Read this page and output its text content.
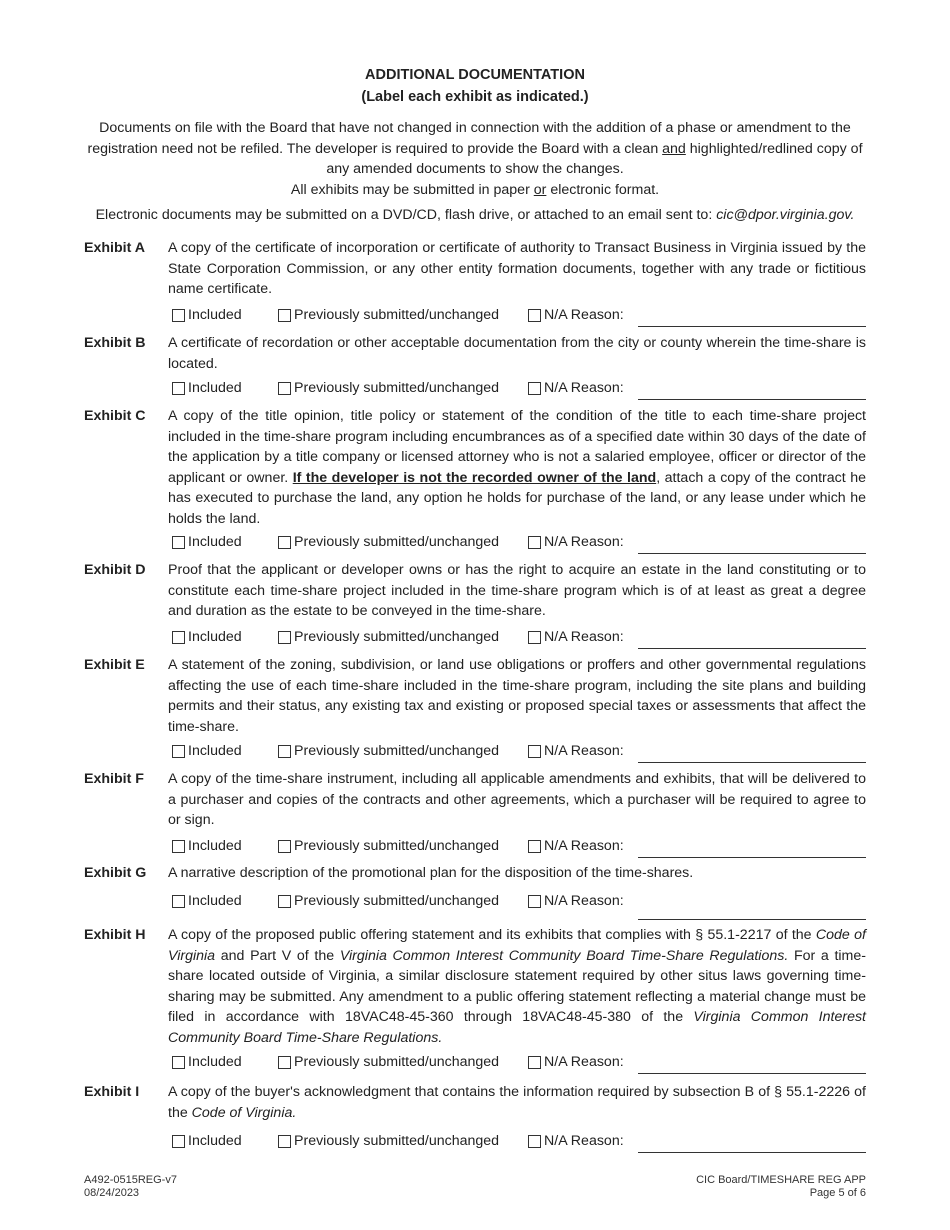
ADDITIONAL DOCUMENTATION
(Label each exhibit as indicated.)
Documents on file with the Board that have not changed in connection with the addition of a phase or amendment to the registration need not be refiled. The developer is required to provide the Board with a clean and highlighted/redlined copy of any amended documents to show the changes.
All exhibits may be submitted in paper or electronic format.
Electronic documents may be submitted on a DVD/CD, flash drive, or attached to an email sent to: cic@dpor.virginia.gov.
Exhibit A	A copy of the certificate of incorporation or certificate of authority to Transact Business in Virginia issued by the State Corporation Commission, or any other entity formation documents, together with any trade or fictitious name certificate.
Included	Previously submitted/unchanged	N/A Reason:
Exhibit B	A certificate of recordation or other acceptable documentation from the city or county wherein the time-share is located.
Included	Previously submitted/unchanged	N/A Reason:
Exhibit C	A copy of the title opinion, title policy or statement of the condition of the title to each time-share project included in the time-share program including encumbrances as of a specified date within 30 days of the date of the application by a title company or licensed attorney who is not a salaried employee, officer or director of the applicant or owner. If the developer is not the recorded owner of the land, attach a copy of the contract he has executed to purchase the land, any option he holds for purchase of the land, or any lease under which he holds the land.
Included	Previously submitted/unchanged	N/A Reason:
Exhibit D	Proof that the applicant or developer owns or has the right to acquire an estate in the land constituting or to constitute each time-share project included in the time-share program which is of at least as great a degree and duration as the estate to be conveyed in the time-share.
Included	Previously submitted/unchanged	N/A Reason:
Exhibit E	A statement of the zoning, subdivision, or land use obligations or proffers and other governmental regulations affecting the use of each time-share included in the time-share program, including the site plans and building permits and their status, any existing tax and existing or proposed special taxes or assessments that affect the time-share.
Included	Previously submitted/unchanged	N/A Reason:
Exhibit F	A copy of the time-share instrument, including all applicable amendments and exhibits, that will be delivered to a purchaser and copies of the contracts and other agreements, which a purchaser will be required to agree to or sign.
Included	Previously submitted/unchanged	N/A Reason:
Exhibit G	A narrative description of the promotional plan for the disposition of the time-shares.
Included	Previously submitted/unchanged	N/A Reason:
Exhibit H	A copy of the proposed public offering statement and its exhibits that complies with § 55.1-2217 of the Code of Virginia and Part V of the Virginia Common Interest Community Board Time-Share Regulations. For a time-share located outside of Virginia, a similar disclosure statement required by other situs laws governing time-sharing may be submitted. Any amendment to a public offering statement reflecting a material change must be filed in accordance with 18VAC48-45-360 through 18VAC48-45-380 of the Virginia Common Interest Community Board Time-Share Regulations.
Included	Previously submitted/unchanged	N/A Reason:
Exhibit I	A copy of the buyer's acknowledgment that contains the information required by subsection B of § 55.1-2226 of the Code of Virginia.
Included	Previously submitted/unchanged	N/A Reason:
A492-0515REG-v7
08/24/2023
CIC Board/TIMESHARE REG APP
Page 5 of 6
